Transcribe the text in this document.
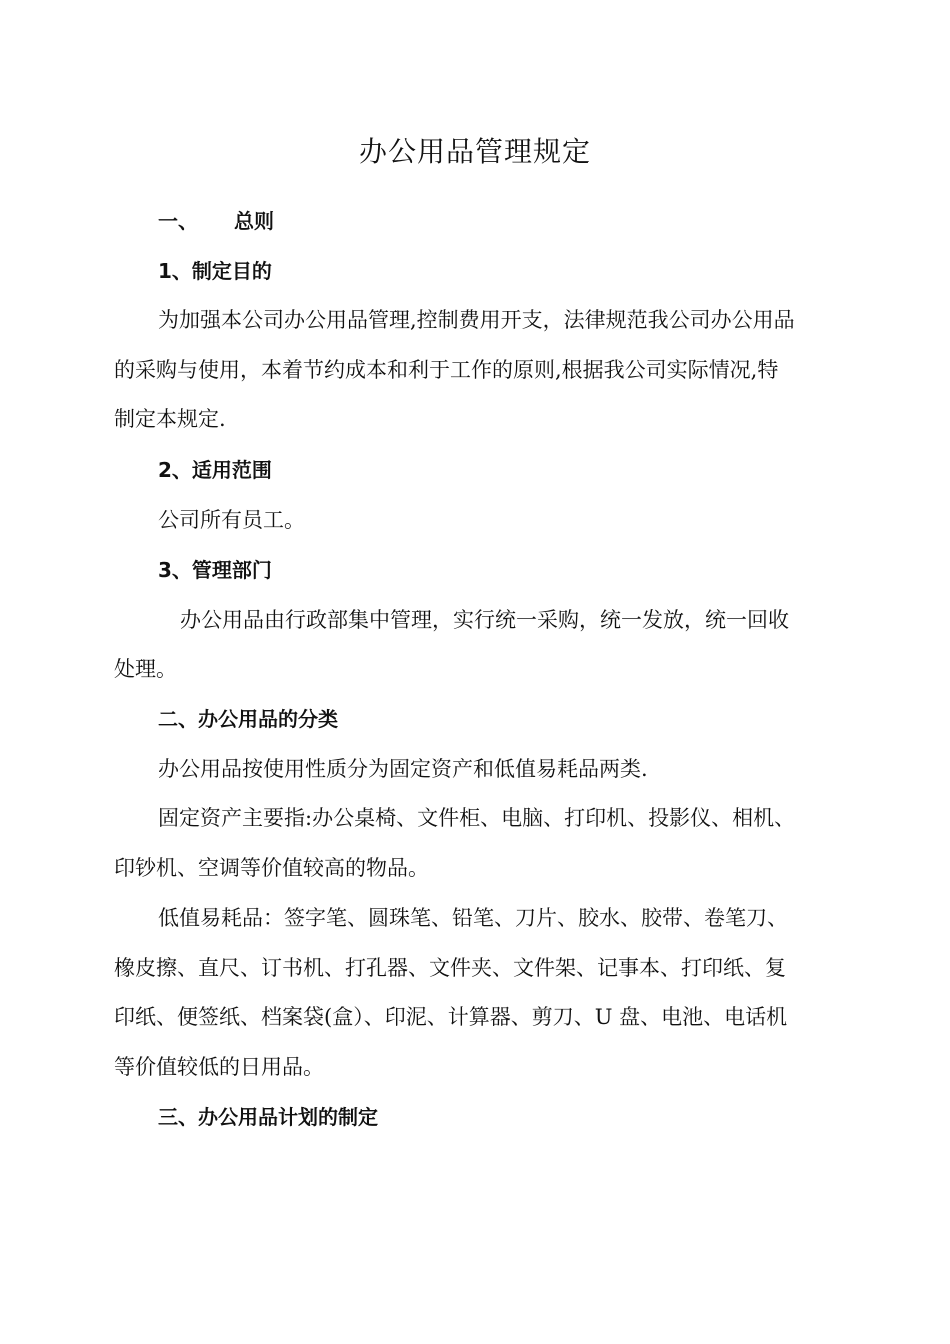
办公用品管理规定
一、 总则
1、制定目的
为加强本公司办公用品管理,控制费用开支，法律规范我公司办公用品
的采购与使用，本着节约成本和利于工作的原则,根据我公司实际情况,特
制定本规定.
2、适用范围
公司所有员工。
3、管理部门
办公用品由行政部集中管理，实行统一采购，统一发放，统一回收
处理。
二、办公用品的分类
办公用品按使用性质分为固定资产和低值易耗品两类.
固定资产主要指:办公桌椅、文件柜、电脑、打印机、投影仪、相机、
印钞机、空调等价值较高的物品。
低值易耗品：签字笔、圆珠笔、铅笔、刀片、胶水、胶带、卷笔刀、
橡皮擦、直尺、订书机、打孔器、文件夹、文件架、记事本、打印纸、复
印纸、便签纸、档案袋(盒）、印泥、计算器、剪刀、U 盘、电池、电话机
等价值较低的日用品。
三、办公用品计划的制定
